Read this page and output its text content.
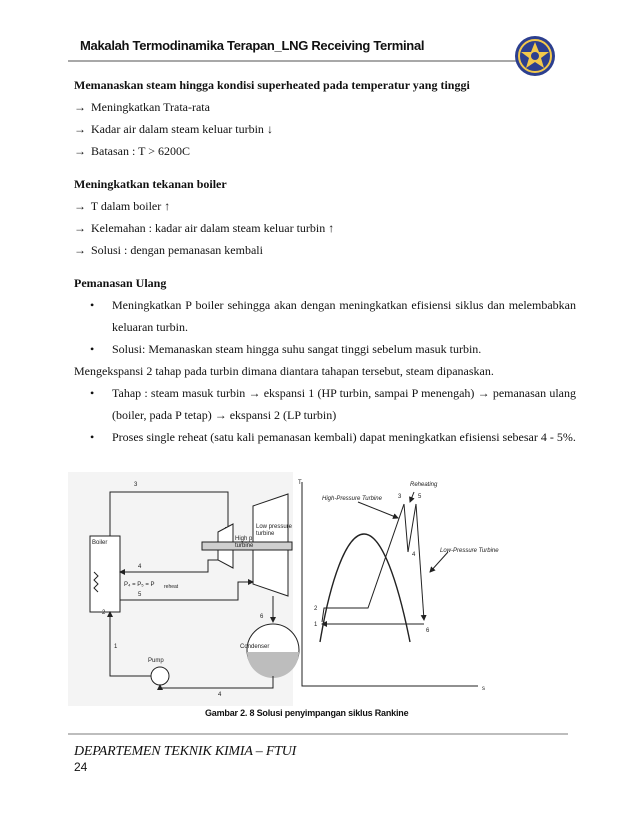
Makalah Termodinamika Terapan_LNG Receiving Terminal

Memanaskan steam hingga kondisi superheated pada temperatur yang tinggi

→ Meningkatkan Trata-rata

→ Kadar air dalam steam keluar turbin ↓

→ Batasan : T > 6200C

Meningkatkan tekanan boiler

→ T dalam boiler ↑

→ Kelemahan : kadar air dalam steam keluar turbin ↑

→ Solusi : dengan pemanasan kembali

Pemanasan Ulang

• Meningkatkan P boiler sehingga akan dengan meningkatkan efisiensi siklus dan melembabkan keluaran turbin.
• Solusi: Memanaskan steam hingga suhu sangat tinggi sebelum masuk turbin.

Mengekspansi 2 tahap pada turbin dimana diantara tahapan tersebut, steam dipanaskan.

• Tahap : steam masuk turbin → ekspansi 1 (HP turbin, sampai P menengah) → pemanasan ulang (boiler, pada P tetap) → ekspansi 2 (LP turbin)
• Proses single reheat (satu kali pemanasan kembali) dapat meningkatkan efisiensi sebesar 4 - 5%.
Boiler
High p
turbine
Low pressure
turbine
Condenser
Pump
P₄ = P₅ = P reheat
1
2
3
4
5
6
4
Reheating
High-Pressure Turbine
Low-Pressure Turbine
T
s
1
2
3
4
5
6
Gambar 2. 8 Solusi penyimpangan siklus Rankine
DEPARTEMEN TEKNIK KIMIA – FTUI
24
